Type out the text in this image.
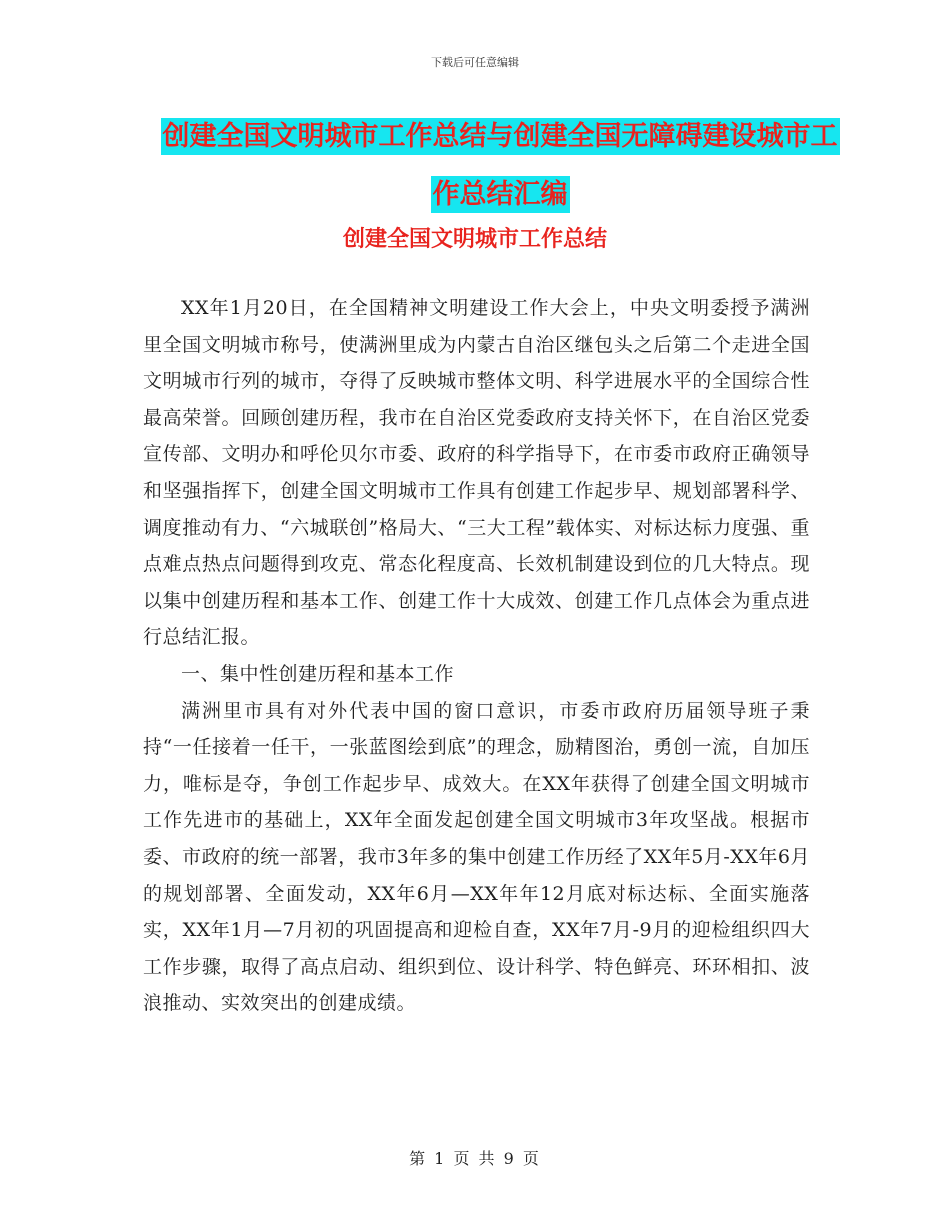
下载后可任意编辑
创建全国文明城市工作总结与创建全国无障碍建设城市工作总结汇编
创建全国文明城市工作总结

XX年1月20日，在全国精神文明建设工作大会上，中央文明委授予满洲里全国文明城市称号，使满洲里成为内蒙古自治区继包头之后第二个走进全国文明城市行列的城市，夺得了反映城市整体文明、科学进展水平的全国综合性最高荣誉。回顾创建历程，我市在自治区党委政府支持关怀下，在自治区党委宣传部、文明办和呼伦贝尔市委、政府的科学指导下，在市委市政府正确领导和坚强指挥下，创建全国文明城市工作具有创建工作起步早、规划部署科学、调度推动有力、“六城联创”格局大、“三大工程”载体实、对标达标力度强、重点难点热点问题得到攻克、常态化程度高、长效机制建设到位的几大特点。现以集中创建历程和基本工作、创建工作十大成效、创建工作几点体会为重点进行总结汇报。

一、集中性创建历程和基本工作

满洲里市具有对外代表中国的窗口意识，市委市政府历届领导班子秉持“一任接着一任干，一张蓝图绘到底”的理念，励精图治，勇创一流，自加压力，唯标是夺，争创工作起步早、成效大。在XX年获得了创建全国文明城市工作先进市的基础上，XX年全面发起创建全国文明城市3年攻坚战。根据市委、市政府的统一部署，我市3年多的集中创建工作历经了XX年5月-XX年6月的规划部署、全面发动，XX年6月—XX年年12月底对标达标、全面实施落实，XX年1月—7月初的巩固提高和迎检自查，XX年7月-9月的迎检组织四大工作步骤，取得了高点启动、组织到位、设计科学、特色鲜亮、环环相扣、波浪推动、实效突出的创建成绩。

第 1 页 共 9 页
